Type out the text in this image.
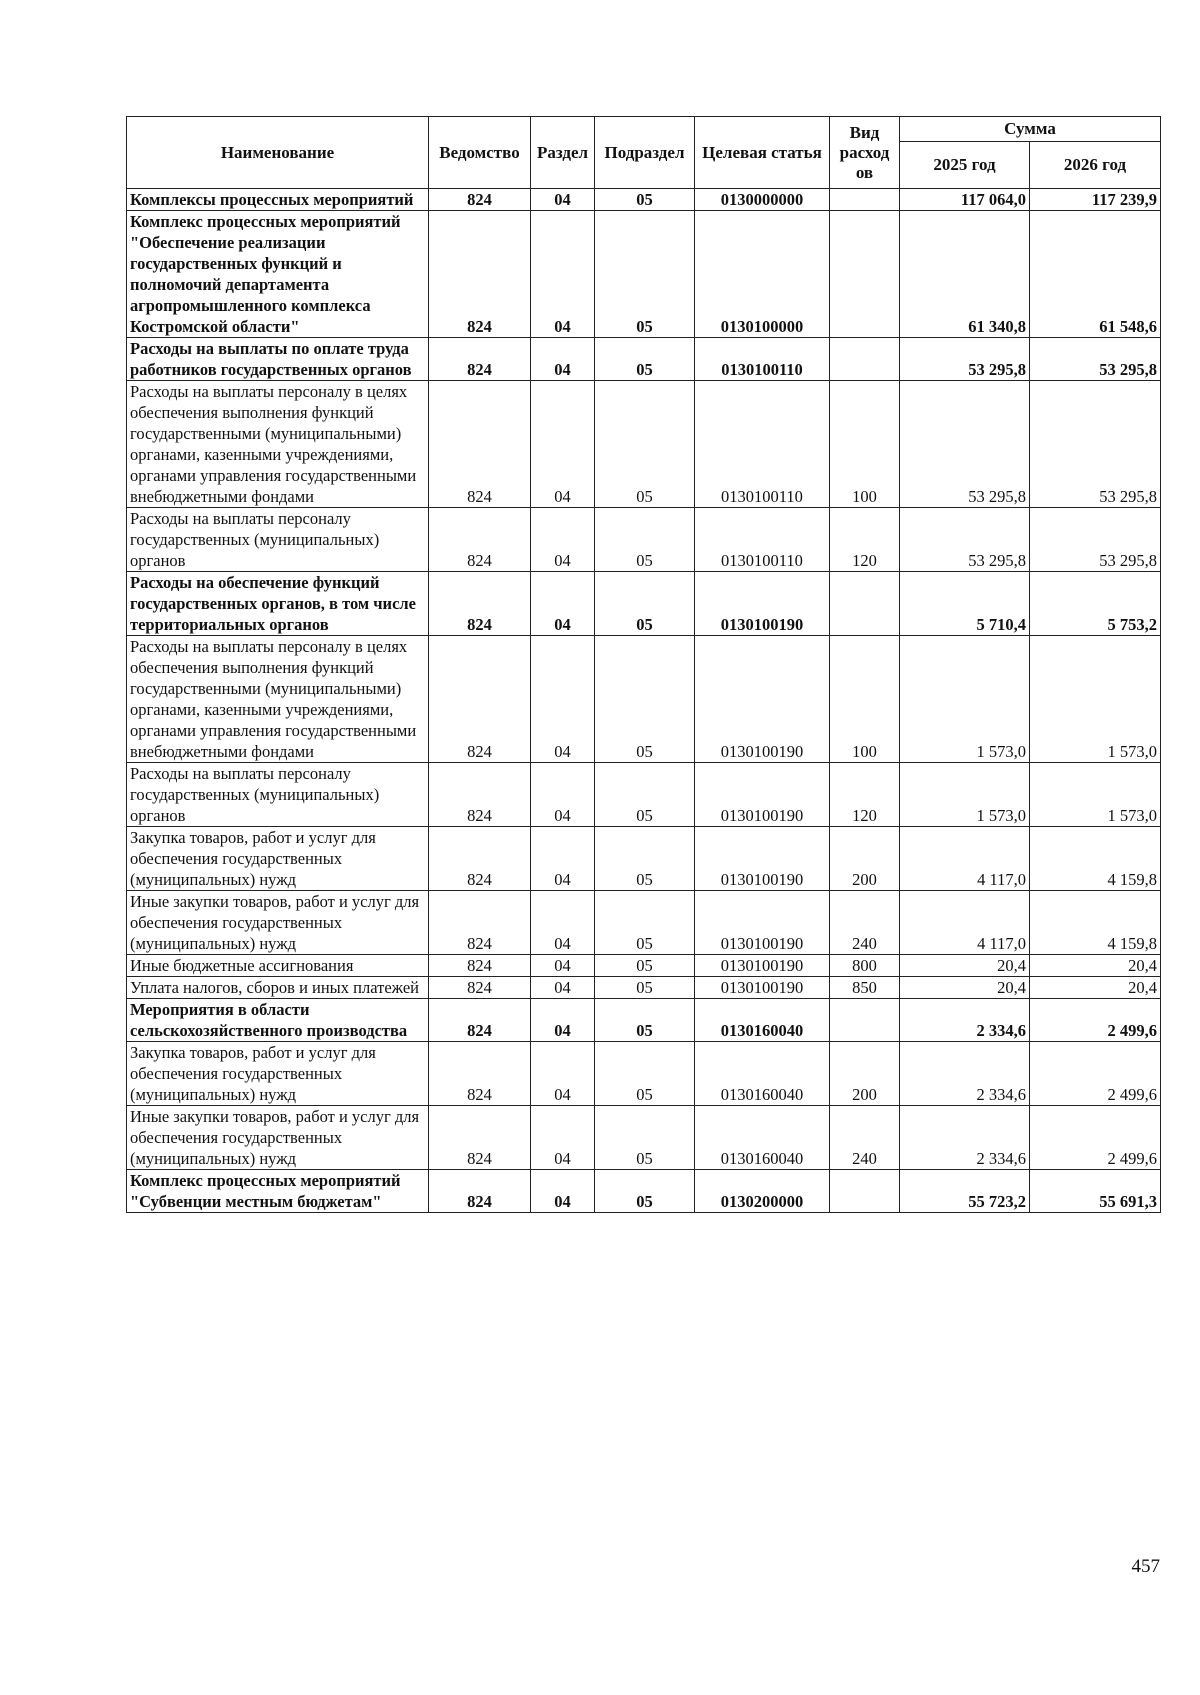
Наименование	Ведомство	Раздел	Подраздел	Целевая статья	Вид расход ов	Сумма	
						2025 год	2026 год
Комплексы процессных мероприятий	824	04	05	0130000000		117 064,0	117 239,9
Комплекс процессных мероприятий "Обеспечение реализации государственных функций и полномочий департамента агропромышленного комплекса Костромской области"	824	04	05	0130100000		61 340,8	61 548,6
Расходы на выплаты по оплате труда работников государственных органов	824	04	05	0130100110		53 295,8	53 295,8
Расходы на выплаты персоналу в целях обеспечения выполнения функций государственными (муниципальными) органами, казенными учреждениями, органами управления государственными внебюджетными фондами	824	04	05	0130100110	100	53 295,8	53 295,8
Расходы на выплаты персоналу государственных (муниципальных) органов	824	04	05	0130100110	120	53 295,8	53 295,8
Расходы на обеспечение функций государственных органов, в том числе территориальных органов	824	04	05	0130100190		5 710,4	5 753,2
Расходы на выплаты персоналу в целях обеспечения выполнения функций государственными (муниципальными) органами, казенными учреждениями, органами управления государственными внебюджетными фондами	824	04	05	0130100190	100	1 573,0	1 573,0
Расходы на выплаты персоналу государственных (муниципальных) органов	824	04	05	0130100190	120	1 573,0	1 573,0
Закупка товаров, работ и услуг для обеспечения государственных (муниципальных) нужд	824	04	05	0130100190	200	4 117,0	4 159,8
Иные закупки товаров, работ и услуг для обеспечения государственных (муниципальных) нужд	824	04	05	0130100190	240	4 117,0	4 159,8
Иные бюджетные ассигнования	824	04	05	0130100190	800	20,4	20,4
Уплата налогов, сборов и иных платежей	824	04	05	0130100190	850	20,4	20,4
Мероприятия в области сельскохозяйственного производства	824	04	05	0130160040		2 334,6	2 499,6
Закупка товаров, работ и услуг для обеспечения государственных (муниципальных) нужд	824	04	05	0130160040	200	2 334,6	2 499,6
Иные закупки товаров, работ и услуг для обеспечения государственных (муниципальных) нужд	824	04	05	0130160040	240	2 334,6	2 499,6
Комплекс процессных мероприятий "Субвенции местным бюджетам"	824	04	05	0130200000		55 723,2	55 691,3
457
